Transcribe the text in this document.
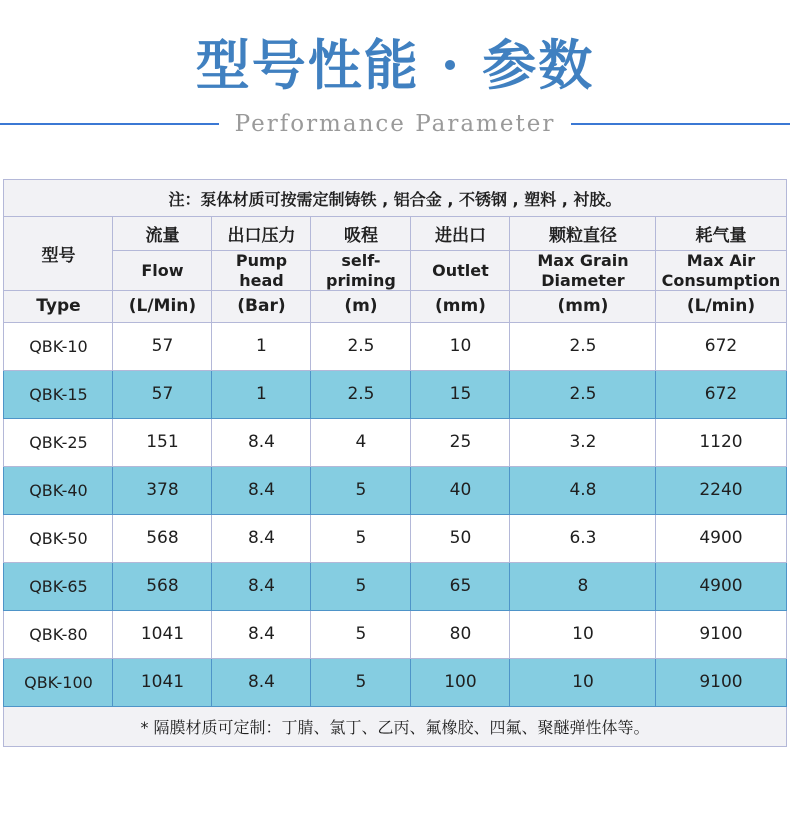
型号性能 · 参数
Performance Parameter
注：泵体材质可按需定制铸铁 , 铝合金 , 不锈钢 , 塑料 , 衬胶。						
型号	流量	出口压力	吸程	进出口	颗粒直径	耗气量
	Flow	Pump head	self-priming	Outlet	Max Grain Diameter	Max Air Consumption
Type	(L/Min)	(Bar)	(m)	(mm)	(mm)	(L/min)
QBK-10	57	1	2.5	10	2.5	672
QBK-15	57	1	2.5	15	2.5	672
QBK-25	151	8.4	4	25	3.2	1120
QBK-40	378	8.4	5	40	4.8	2240
QBK-50	568	8.4	5	50	6.3	4900
QBK-65	568	8.4	5	65	8	4900
QBK-80	1041	8.4	5	80	10	9100
QBK-100	1041	8.4	5	100	10	9100
* 隔膜材质可定制：丁腈、氯丁、乙丙、氟橡胶、四氟、聚醚弹性体等。						
